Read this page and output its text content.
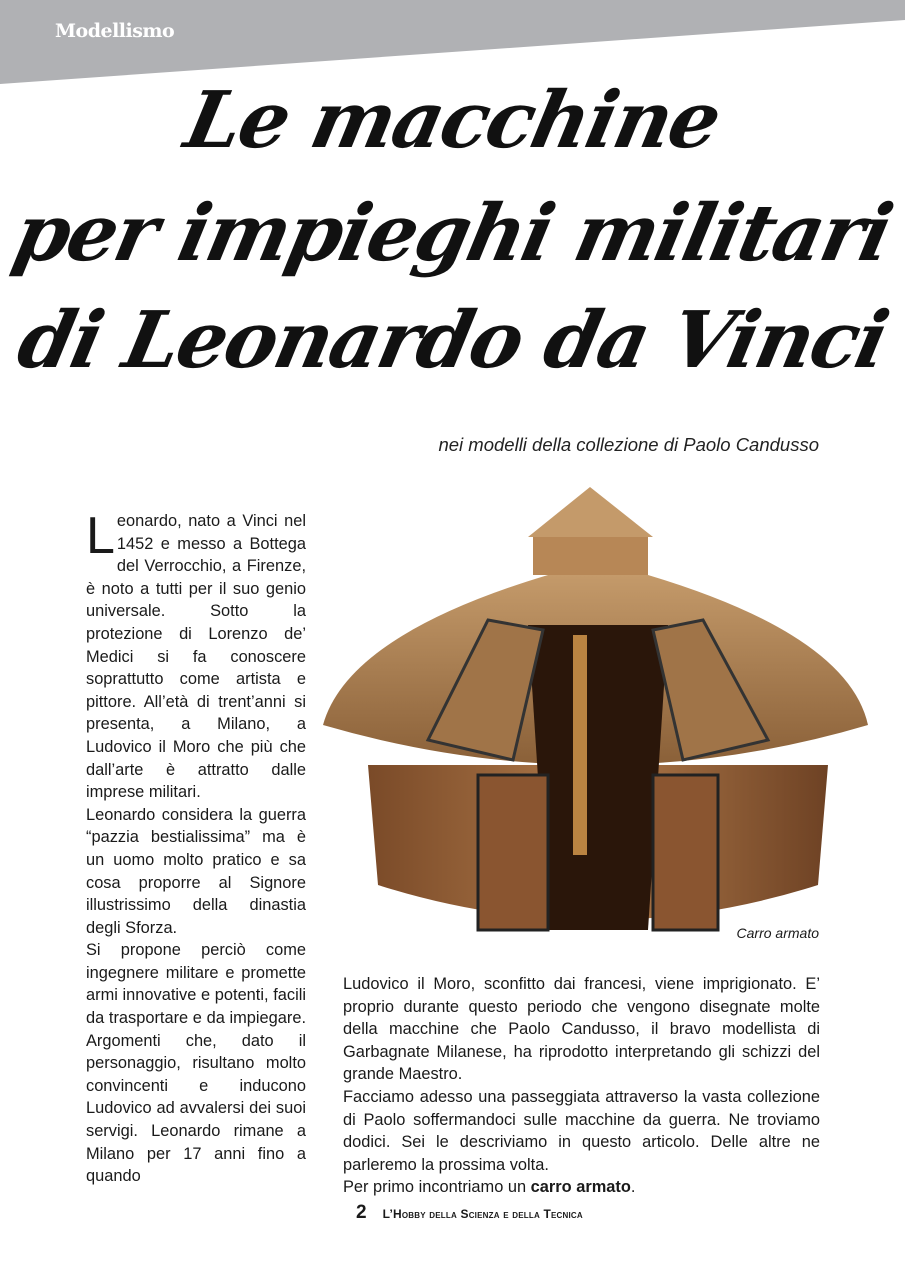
Modellismo
Le macchine
per impieghi militari
di Leonardo da Vinci
nei modelli della collezione di Paolo Candusso

Leonardo, nato a Vinci nel 1452 e messo a Bottega del Verrocchio, a Firenze, è noto a tutti per il suo genio universale. Sotto la protezione di Lorenzo de’ Medici si fa conoscere soprattutto come artista e pittore. All’età di trent’anni si presenta, a Milano, a Ludovico il Moro che più che dall’arte è attratto dalle imprese militari.

Leonardo considera la guerra “pazzia bestialissima” ma è un uomo molto pratico e sa cosa proporre al Signore illustrissimo della dinastia degli Sforza.

Si propone perciò come ingegnere militare e promette armi innovative e potenti, facili da trasportare e da impiegare. Argomenti che, dato il personaggio, risultano molto convincenti e inducono Ludovico ad avvalersi dei suoi servigi. Leonardo rimane a Milano per 17 anni fino a quando

Carro armato

Ludovico il Moro, sconfitto dai francesi, viene imprigionato. E’ proprio durante questo periodo che vengono disegnate molte della macchine che Paolo Candusso, il bravo modellista di Garbagnate Milanese, ha riprodotto interpretando gli schizzi del grande Maestro.

Facciamo adesso una passeggiata attraverso la vasta collezione di Paolo soffermandoci sulle macchine da guerra. Ne troviamo dodici. Sei le descriviamo in questo articolo. Delle altre ne parleremo la prossima volta.

Per primo incontriamo un carro armato.

2 L’Hobby della Scienza e della Tecnica
